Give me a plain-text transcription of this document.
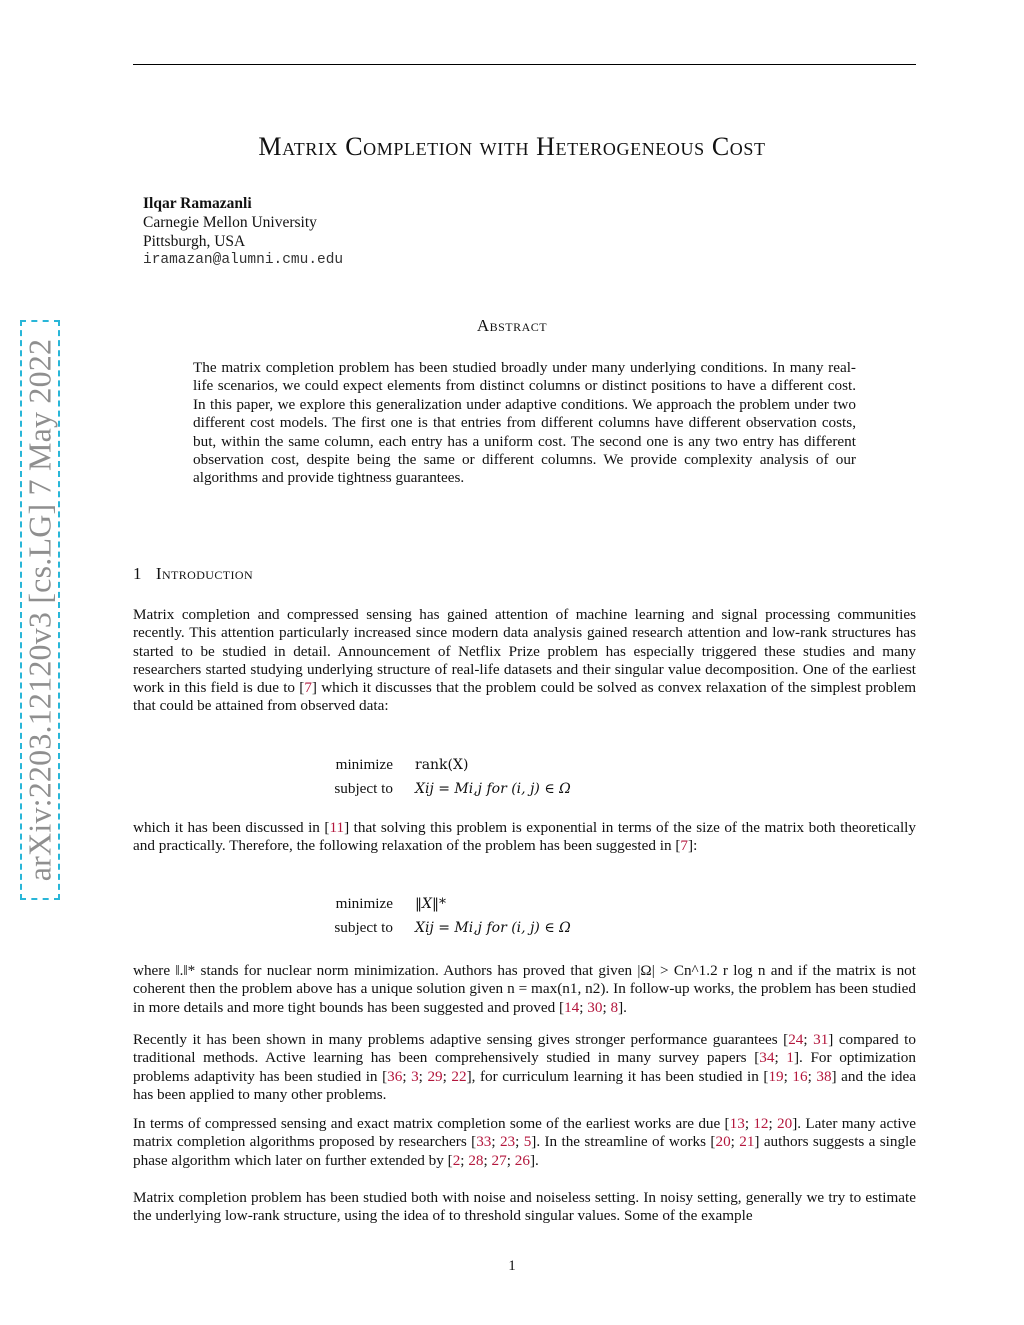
arXiv:2203.12120v3 [cs.LG] 7 May 2022
Matrix Completion with Heterogeneous Cost
Ilqar Ramazanli
Carnegie Mellon University
Pittsburgh, USA
iramazan@alumni.cmu.edu
Abstract
The matrix completion problem has been studied broadly under many underlying conditions. In many real-life scenarios, we could expect elements from distinct columns or distinct positions to have a different cost. In this paper, we explore this generalization under adaptive conditions. We approach the problem under two different cost models. The first one is that entries from different columns have different observation costs, but, within the same column, each entry has a uniform cost. The second one is any two entry has different observation cost, despite being the same or different columns. We provide complexity analysis of our algorithms and provide tightness guarantees.
1 Introduction
Matrix completion and compressed sensing has gained attention of machine learning and signal processing communities recently. This attention particularly increased since modern data analysis gained research attention and low-rank structures has started to be studied in detail. Announcement of Netflix Prize problem has especially triggered these studies and many researchers started studying underlying structure of real-life datasets and their singular value decomposition. One of the earliest work in this field is due to [7] which it discusses that the problem could be solved as convex relaxation of the simplest problem that could be attained from observed data:
minimize rank(X)
subject to Xij = Mi,j for (i, j) ∈ Ω
which it has been discussed in [11] that solving this problem is exponential in terms of the size of the matrix both theoretically and practically. Therefore, the following relaxation of the problem has been suggested in [7]:
minimize ‖X‖*
subject to Xij = Mi,j for (i, j) ∈ Ω
where ‖.‖* stands for nuclear norm minimization. Authors has proved that given |Ω| > Cn^1.2 r log n and if the matrix is not coherent then the problem above has a unique solution given n = max(n1, n2). In follow-up works, the problem has been studied in more details and more tight bounds has been suggested and proved [14; 30; 8].
Recently it has been shown in many problems adaptive sensing gives stronger performance guarantees [24; 31] compared to traditional methods. Active learning has been comprehensively studied in many survey papers [34; 1]. For optimization problems adaptivity has been studied in [36; 3; 29; 22], for curriculum learning it has been studied in [19; 16; 38] and the idea has been applied to many other problems.
In terms of compressed sensing and exact matrix completion some of the earliest works are due [13; 12; 20]. Later many active matrix completion algorithms proposed by researchers [33; 23; 5]. In the streamline of works [20; 21] authors suggests a single phase algorithm which later on further extended by [2; 28; 27; 26].
Matrix completion problem has been studied both with noise and noiseless setting. In noisy setting, generally we try to estimate the underlying low-rank structure, using the idea of to threshold singular values. Some of the example
1
